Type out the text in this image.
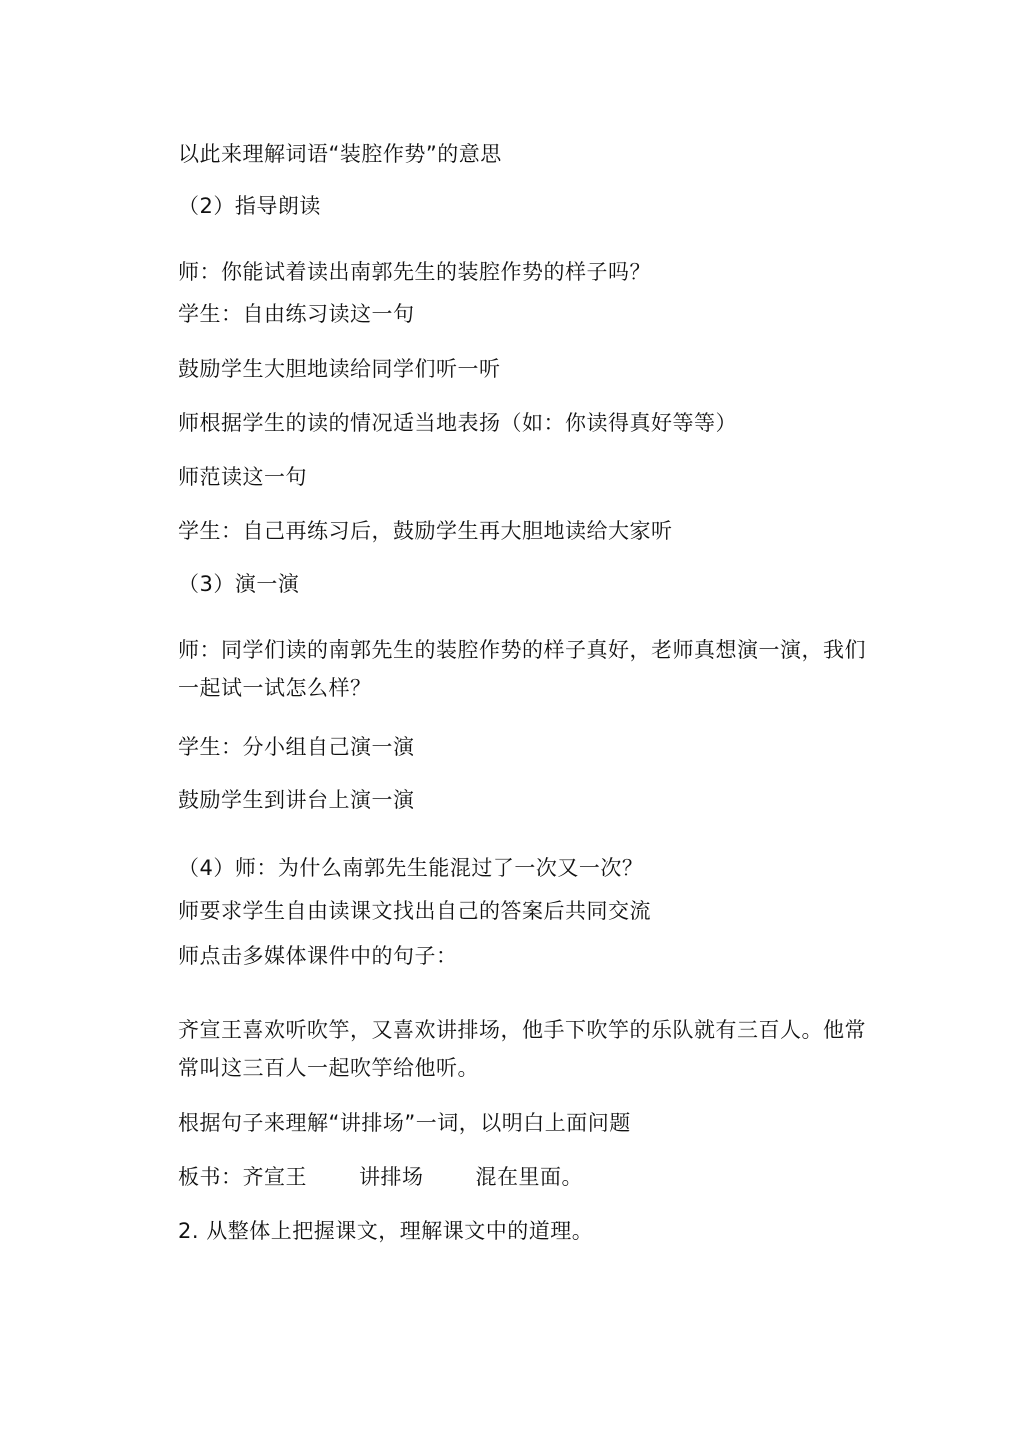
以此来理解词语“装腔作势”的意思
（2）指导朗读
师：你能试着读出南郭先生的装腔作势的样子吗？
学生：自由练习读这一句
鼓励学生大胆地读给同学们听一听
师根据学生的读的情况适当地表扬（如：你读得真好等等）
师范读这一句
学生：自己再练习后，鼓励学生再大胆地读给大家听
（3）演一演
师：同学们读的南郭先生的装腔作势的样子真好，老师真想演一演，我们一起试一试怎么样？
学生：分小组自己演一演
鼓励学生到讲台上演一演
（4）师：为什么南郭先生能混过了一次又一次？
师要求学生自由读课文找出自己的答案后共同交流
师点击多媒体课件中的句子：
齐宣王喜欢听吹竽，又喜欢讲排场，他手下吹竽的乐队就有三百人。他常常叫这三百人一起吹竽给他听。
根据句子来理解“讲排场”一词，以明白上面问题
板书：齐宣王 讲排场 混在里面。
2. 从整体上把握课文，理解课文中的道理。
